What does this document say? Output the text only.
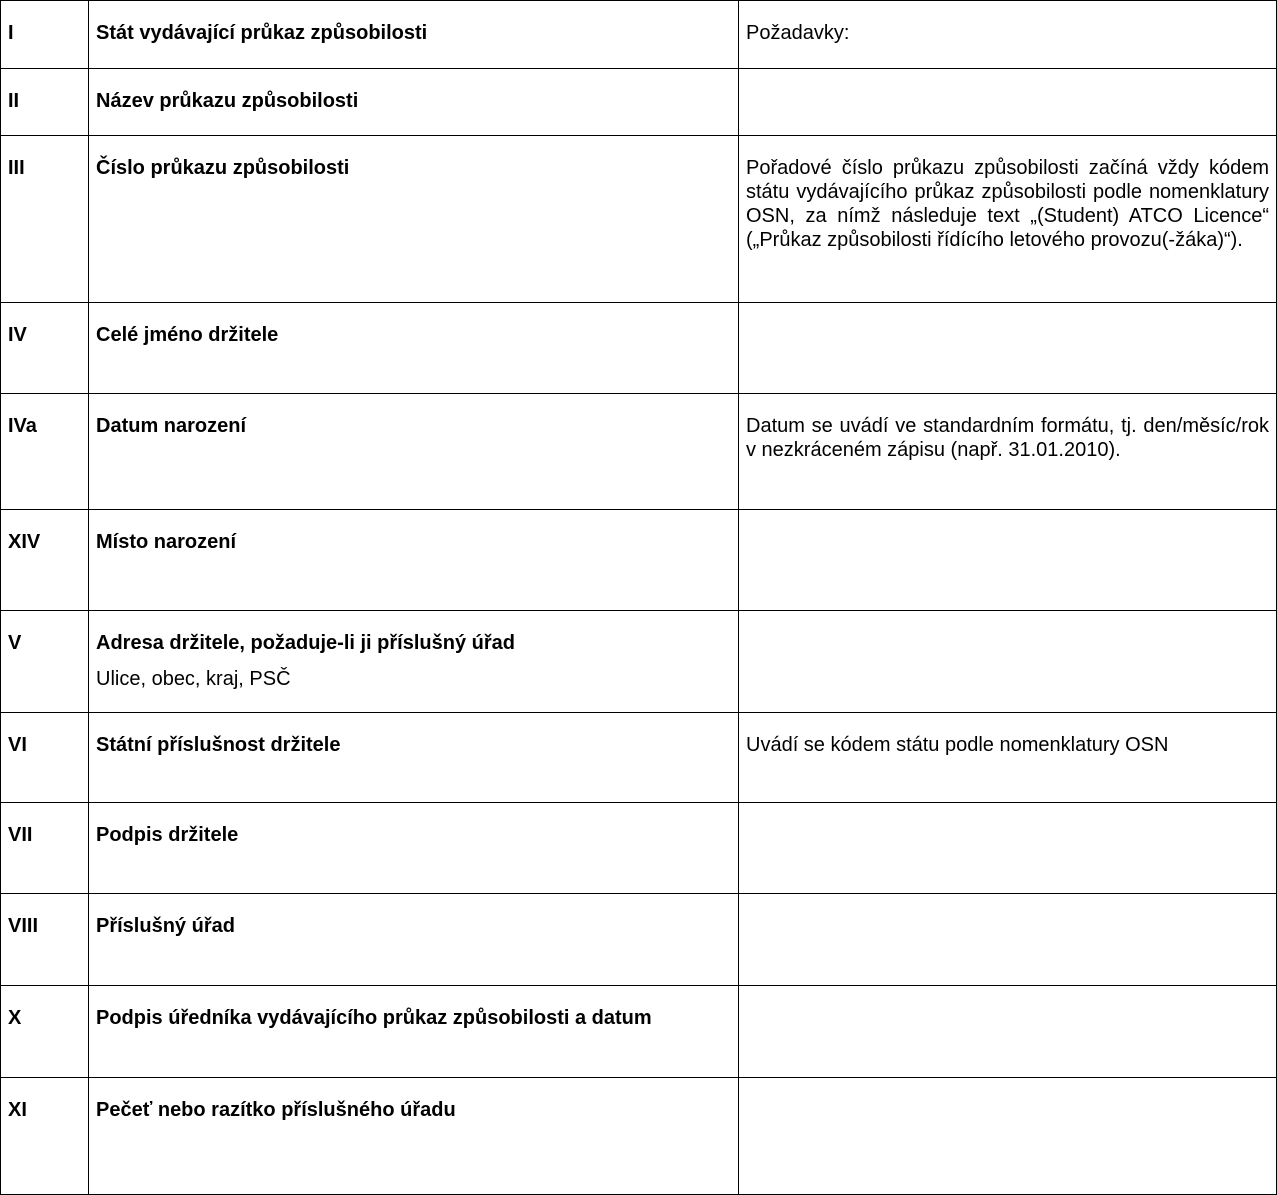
I	Stát vydávající průkaz způsobilosti	Požadavky:
II	Název průkazu způsobilosti	
III	Číslo průkazu způsobilosti	Pořadové číslo průkazu způsobilosti začíná vždy kódem státu vydávajícího průkaz způsobilosti podle nomenklatury OSN, za nímž následuje text „(Student) ATCO Licence“ („Průkaz způsobilosti řídícího letového provozu(-žáka)“).
IV	Celé jméno držitele	
IVa	Datum narození	Datum se uvádí ve standardním formátu, tj. den/měsíc/rok v nezkráceném zápisu (např. 31.01.2010).
XIV	Místo narození	
V	Adresa držitele, požaduje-li ji příslušný úřad
Ulice, obec, kraj, PSČ	

VI	Státní příslušnost držitele	Uvádí se kódem státu podle nomenklatury OSN
VII	Podpis držitele	
VIII	Příslušný úřad	
X	Podpis úředníka vydávajícího průkaz způsobilosti a datum	
XI	Pečeť nebo razítko příslušného úřadu	
